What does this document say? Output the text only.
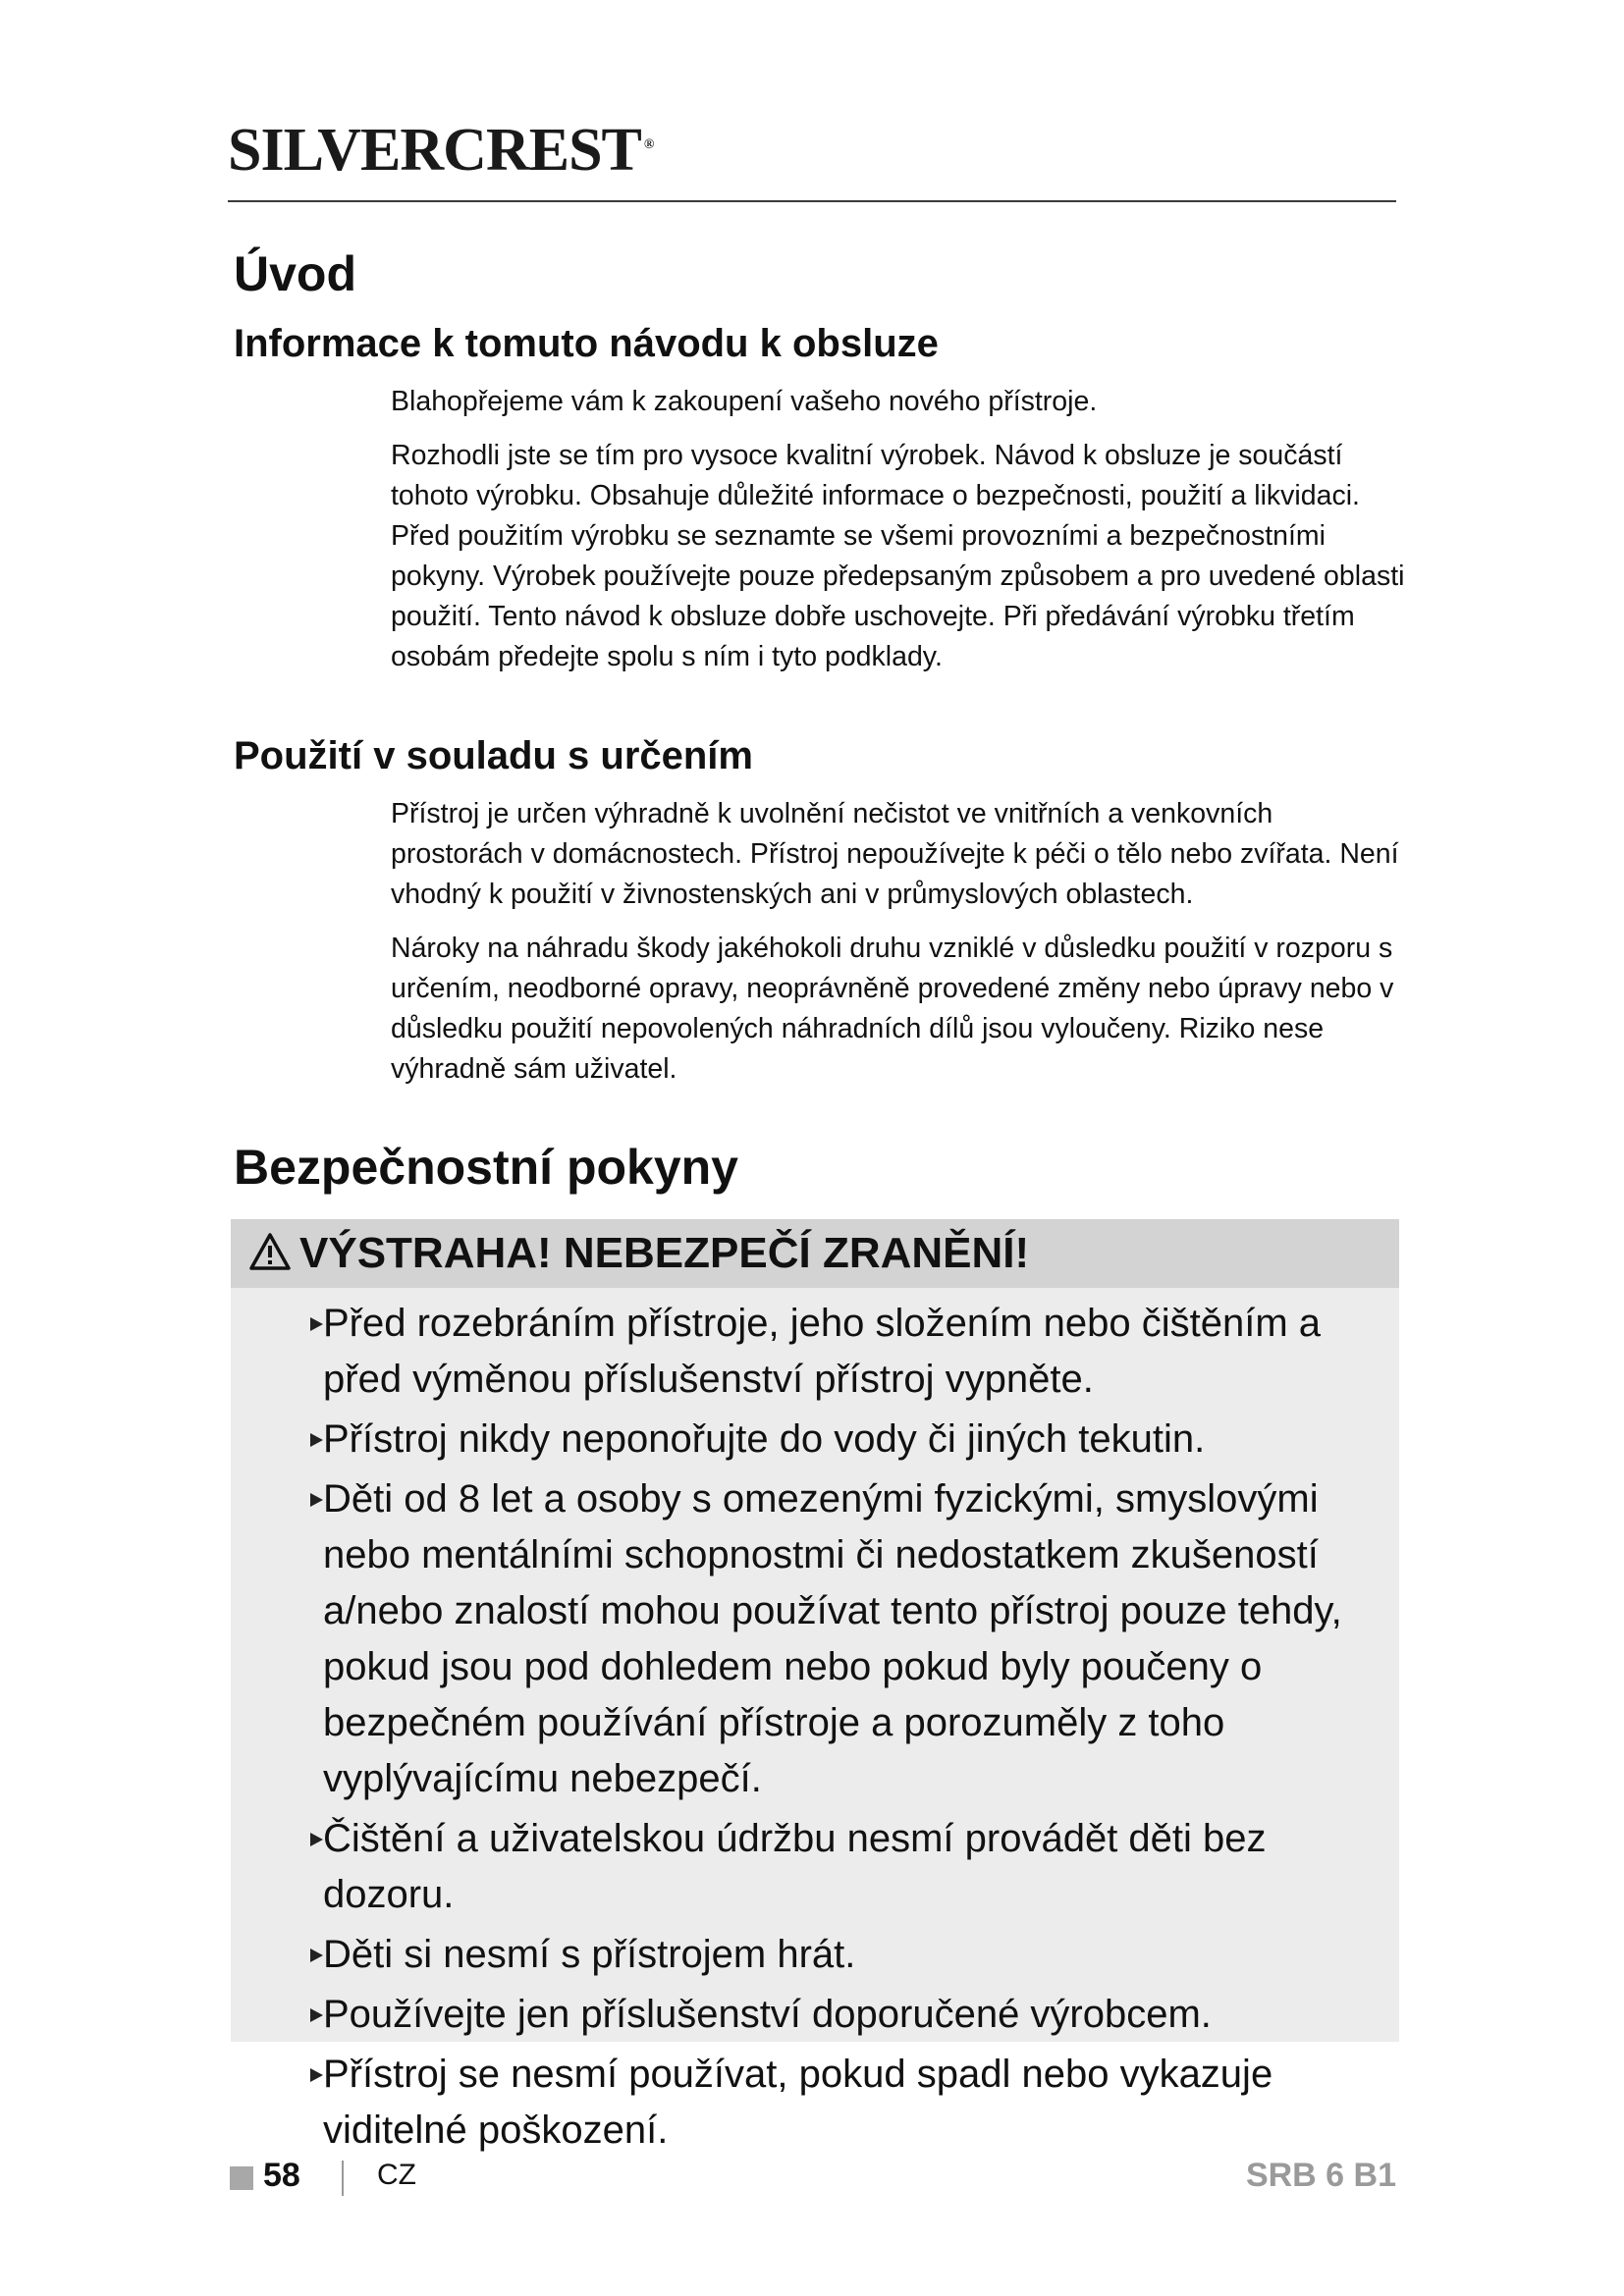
SILVERCREST ®
Úvod
Informace k tomuto návodu k obsluze

Blahopřejeme vám k zakoupení vašeho nového přístroje.

Rozhodli jste se tím pro vysoce kvalitní výrobek. Návod k obsluze je součástí tohoto výrobku. Obsahuje důležité informace o bezpečnosti, použití a likvidaci. Před použitím výrobku se seznamte se všemi provozními a bezpečnostními pokyny. Výrobek používejte pouze předepsaným způsobem a pro uvedené oblasti použití. Tento návod k obsluze dobře uschovejte. Při předávání výrobku třetím osobám předejte spolu s ním i tyto podklady.

Použití v souladu s určením

Přístroj je určen výhradně k uvolnění nečistot ve vnitřních a venkovních prostorách v domácnostech. Přístroj nepoužívejte k péči o tělo nebo zvířata. Není vhodný k použití v živnostenských ani v průmyslových oblastech.

Nároky na náhradu škody jakéhokoli druhu vzniklé v důsledku použití v rozporu s určením, neodborné opravy, neoprávněně provedené změny nebo úpravy nebo v důsledku použití nepovolených náhradních dílů jsou vyloučeny. Riziko nese výhradně sám uživatel.

Bezpečnostní pokyny
VÝSTRAHA! NEBEZPEČÍ ZRANĚNÍ!
Před rozebráním přístroje, jeho složením nebo čištěním a před výměnou příslušenství přístroj vypněte.
Přístroj nikdy neponořujte do vody či jiných tekutin.
Děti od 8 let a osoby s omezenými fyzickými, smyslovými nebo mentálními schopnostmi či nedostatkem zkušeností a/nebo znalostí mohou používat tento přístroj pouze tehdy, pokud jsou pod dohledem nebo pokud byly poučeny o bezpečném používání přístroje a porozuměly z toho vyplývajícímu nebezpečí.
Čištění a uživatelskou údržbu nesmí provádět děti bez dozoru.
Děti si nesmí s přístrojem hrát.
Používejte jen příslušenství doporučené výrobcem.
Přístroj se nesmí používat, pokud spadl nebo vykazuje viditelné poškození.
58	CZ	SRB 6 B1
